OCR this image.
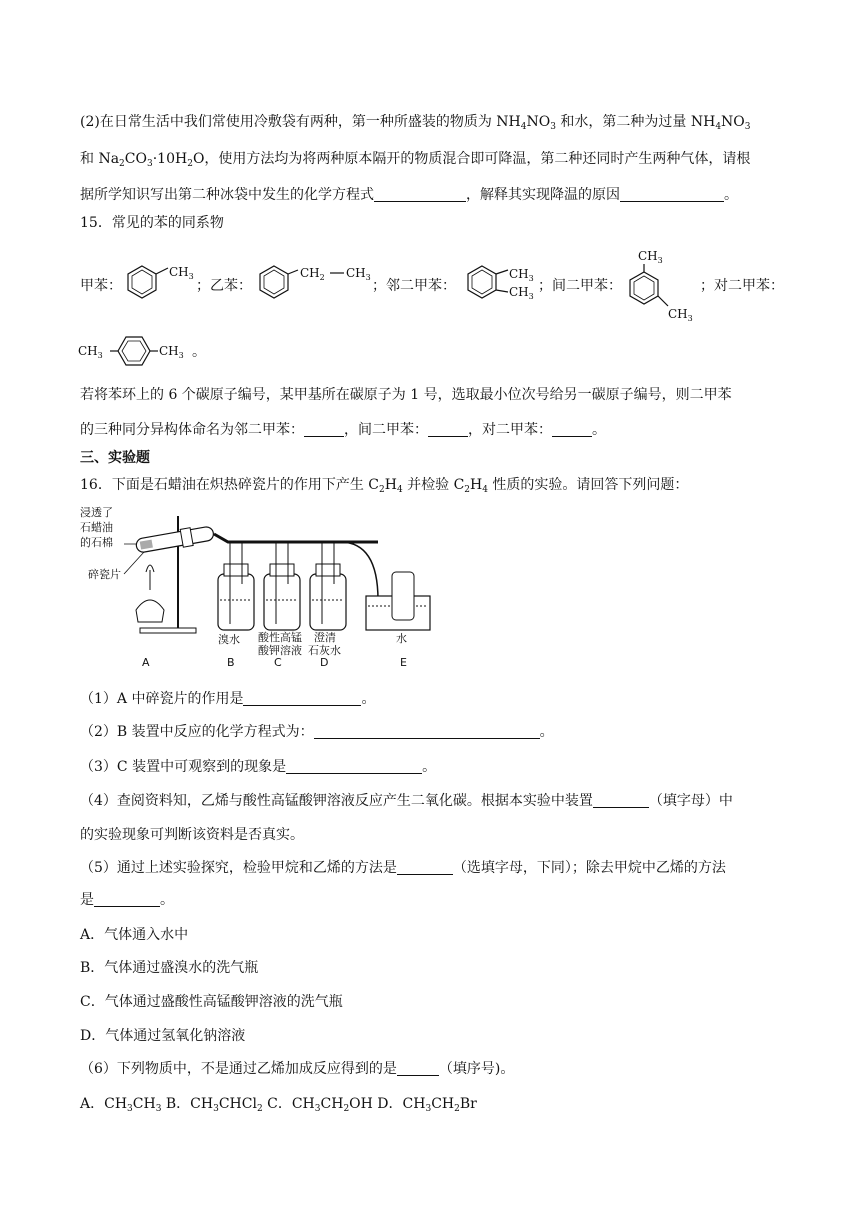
(2)在日常生活中我们常使用冷敷袋有两种，第一种所盛装的物质为 $NH_4NO_3$ 和水，第二种为过量 $NH_4NO_3$
和 $Na_2CO_3\cdot 10H_2O$，使用方法均为将两种原本隔开的物质混合即可降温，第二种还同时产生两种气体，请根
据所学知识写出第二种冰袋中发生的化学方程式	，解释其实现降温的原因	。
15．常见的苯的同系物
甲苯：
$CH_3$
；乙苯：
$CH_2$ $CH_3$
；邻二甲苯：
$CH_3$
$CH_3$
；间二甲苯：
$CH_3$
$CH_3$
；对二甲苯：
$CH_3$	$CH_3$ 。
若将苯环上的 6 个碳原子编号，某甲基所在碳原子为 1 号，选取最小位次号给另一碳原子编号，则二甲苯
的三种同分异构体命名为邻二甲苯：	，间二甲苯：	，对二甲苯：	。
三、实验题
16．下面是石蜡油在炽热碎瓷片的作用下产生 $C_2H_4$ 并检验 $C_2H_4$ 性质的实验。请回答下列问题：
浸透了
石蜡油
的石棉
碎瓷片
溴水 酸性高锰
酸钾溶液
澄清
石灰水
水
A	B	C	D	E
（1）A 中碎瓷片的作用是	。
（2）B 装置中反应的化学方程式为：	。
（3）C 装置中可观察到的现象是	。
（4）查阅资料知，乙烯与酸性高锰酸钾溶液反应产生二氧化碳。根据本实验中装置	（填字母）中
的实验现象可判断该资料是否真实。
（5）通过上述实验探究，检验甲烷和乙烯的方法是	（选填字母，下同）；除去甲烷中乙烯的方法
是	。
A．气体通入水中
B．气体通过盛溴水的洗气瓶
C．气体通过盛酸性高锰酸钾溶液的洗气瓶
D．气体通过氢氧化钠溶液
（6）下列物质中，不是通过乙烯加成反应得到的是	（填序号)。
A．$CH_3CH_3$ B．$CH_3CHCl_2$ C．$CH_3CH_2OH$ D．$CH_3CH_2Br$
